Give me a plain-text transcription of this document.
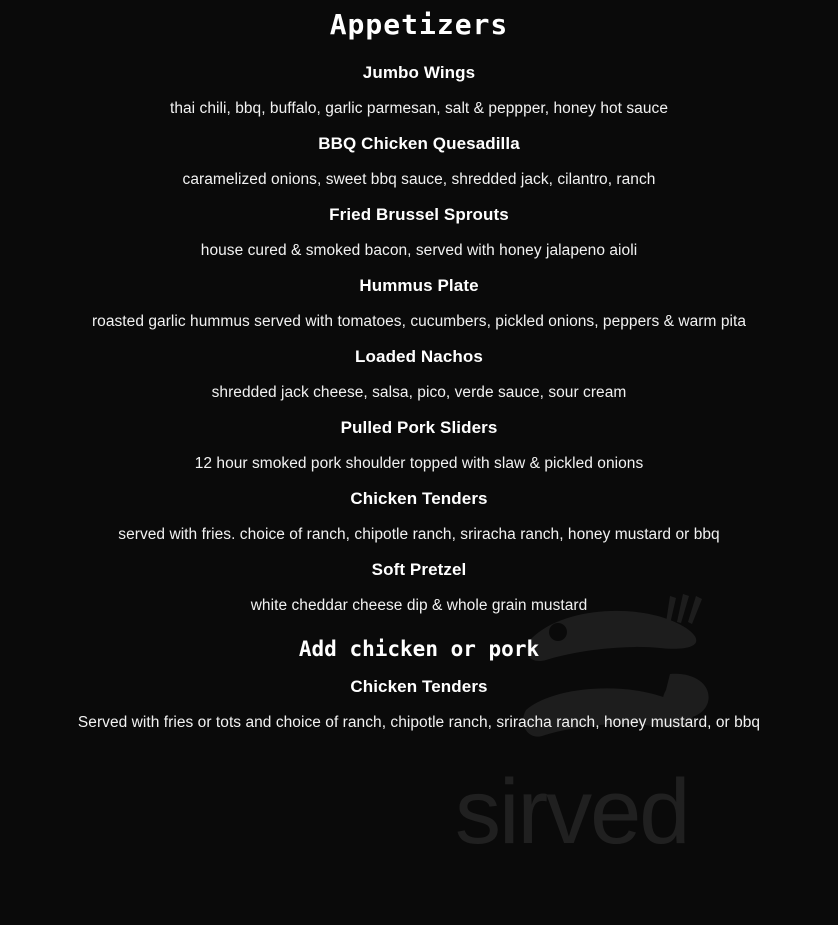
sirved
Appetizers
Jumbo Wings

thai chili, bbq, buffalo, garlic parmesan, salt & peppper, honey hot sauce

BBQ Chicken Quesadilla

caramelized onions, sweet bbq sauce, shredded jack, cilantro, ranch

Fried Brussel Sprouts

house cured & smoked bacon, served with honey jalapeno aioli

Hummus Plate

roasted garlic hummus served with tomatoes, cucumbers, pickled onions, peppers & warm pita

Loaded Nachos

shredded jack cheese, salsa, pico, verde sauce, sour cream

Pulled Pork Sliders

12 hour smoked pork shoulder topped with slaw & pickled onions

Chicken Tenders

served with fries. choice of ranch, chipotle ranch, sriracha ranch, honey mustard or bbq

Soft Pretzel

white cheddar cheese dip & whole grain mustard

Add chicken or pork
Chicken Tenders

Served with fries or tots and choice of ranch, chipotle ranch, sriracha ranch, honey mustard, or bbq
